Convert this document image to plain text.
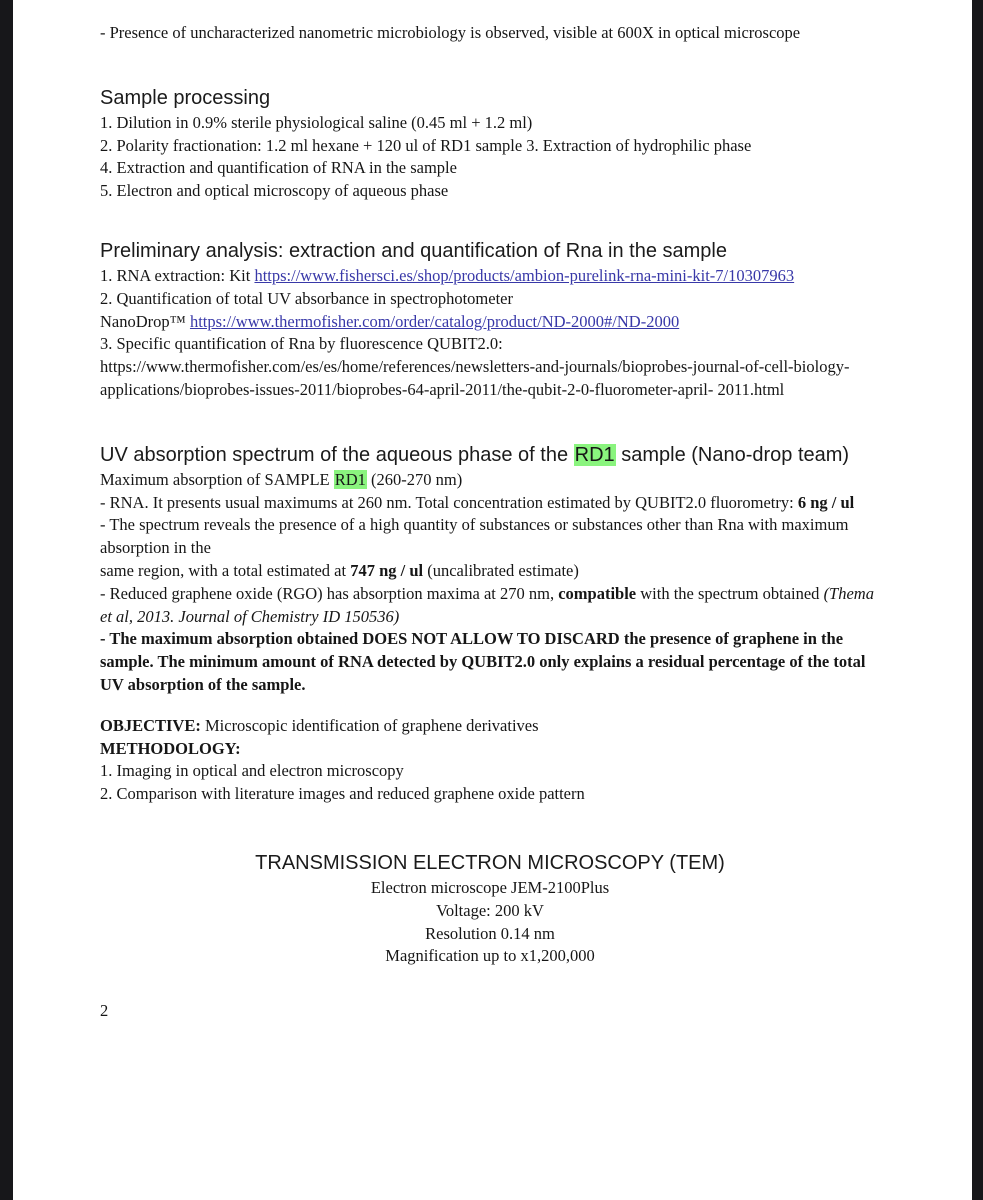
- Presence of uncharacterized nanometric microbiology is observed, visible at 600X in optical microscope

Sample processing
1. Dilution in 0.9% sterile physiological saline (0.45 ml + 1.2 ml)
2. Polarity fractionation: 1.2 ml hexane + 120 ul of RD1 sample 3. Extraction of hydrophilic phase
4. Extraction and quantification of RNA in the sample
5. Electron and optical microscopy of aqueous phase
Preliminary analysis: extraction and quantification of Rna in the sample
1. RNA extraction: Kit https://www.fishersci.es/shop/products/ambion-purelink-rna-mini-kit-7/10307963
2. Quantification of total UV absorbance in spectrophotometer
NanoDrop™ https://www.thermofisher.com/order/catalog/product/ND-2000#/ND-2000
3. Specific quantification of Rna by fluorescence QUBIT2.0:
https://www.thermofisher.com/es/es/home/references/newsletters-and-journals/bioprobes-journal-of-cell-biology-applications/bioprobes-issues-2011/bioprobes-64-april-2011/the-qubit-2-0-fluorometer-april- 2011.html
UV absorption spectrum of the aqueous phase of the RD1 sample (Nano-drop team)
Maximum absorption of SAMPLE RD1 (260-270 nm)
- RNA. It presents usual maximums at 260 nm. Total concentration estimated by QUBIT2.0 fluorometry: 6 ng / ul
- The spectrum reveals the presence of a high quantity of substances or substances other than Rna with maximum absorption in the
same region, with a total estimated at 747 ng / ul (uncalibrated estimate)
- Reduced graphene oxide (RGO) has absorption maxima at 270 nm, compatible with the spectrum obtained (Thema et al, 2013. Journal of Chemistry ID 150536)
- The maximum absorption obtained DOES NOT ALLOW TO DISCARD the presence of graphene in the sample. The minimum amount of RNA detected by QUBIT2.0 only explains a residual percentage of the total UV absorption of the sample.

OBJECTIVE: Microscopic identification of graphene derivatives

METHODOLOGY:
1. Imaging in optical and electron microscopy
2. Comparison with literature images and reduced graphene oxide pattern
TRANSMISSION ELECTRON MICROSCOPY (TEM)
Electron microscope JEM-2100Plus
Voltage: 200 kV
Resolution 0.14 nm
Magnification up to x1,200,000
2
